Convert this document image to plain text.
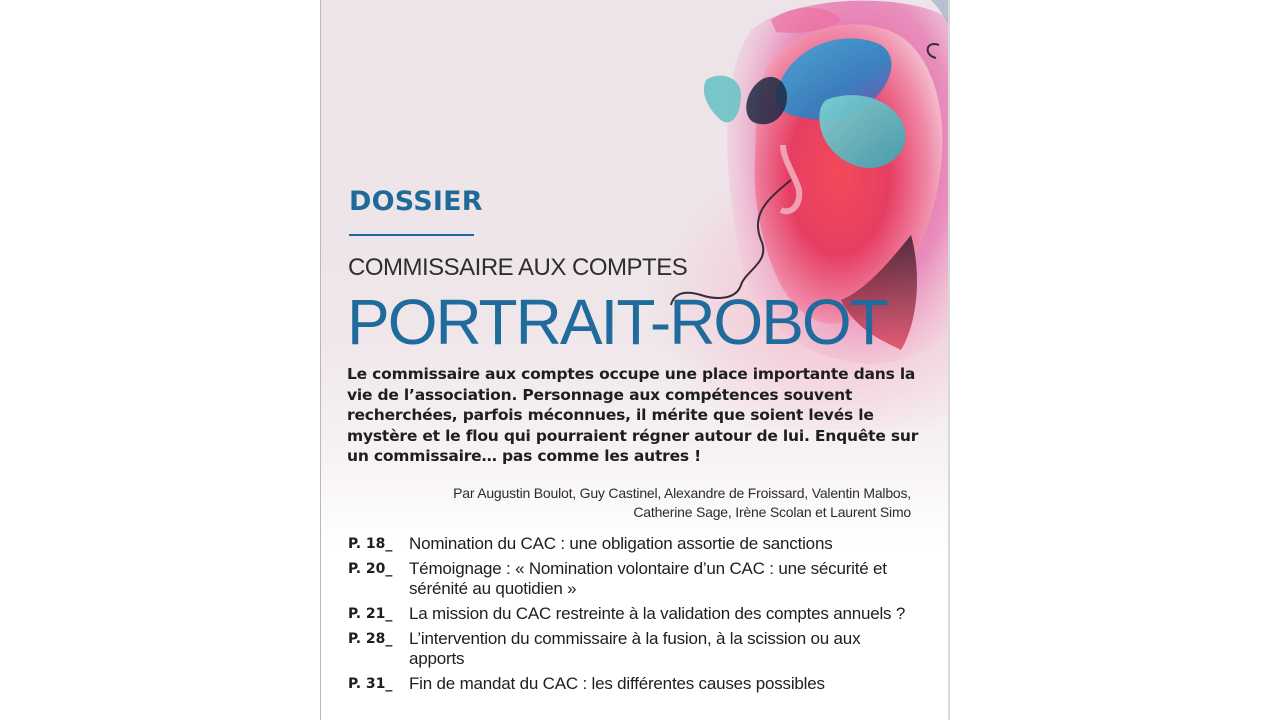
DOSSIER
COMMISSAIRE AUX COMPTES
PORTRAIT-ROBOT
Le commissaire aux comptes occupe une place importante dans la vie de l’association. Personnage aux compétences souvent recherchées, parfois méconnues, il mérite que soient levés le mystère et le flou qui pourraient régner autour de lui. Enquête sur un commissaire… pas comme les autres !
Par Augustin Boulot, Guy Castinel, Alexandre de Froissard, Valentin Malbos,
Catherine Sage, Irène Scolan et Laurent Simo
P. 18_ Nomination du CAC : une obligation assortie de sanctions
P. 20_ Témoignage : « Nomination volontaire d’un CAC : une sécurité et sérénité au quotidien »
P. 21_ La mission du CAC restreinte à la validation des comptes annuels ?
P. 28_ L’intervention du commissaire à la fusion, à la scission ou aux apports
P. 31_ Fin de mandat du CAC : les différentes causes possibles
